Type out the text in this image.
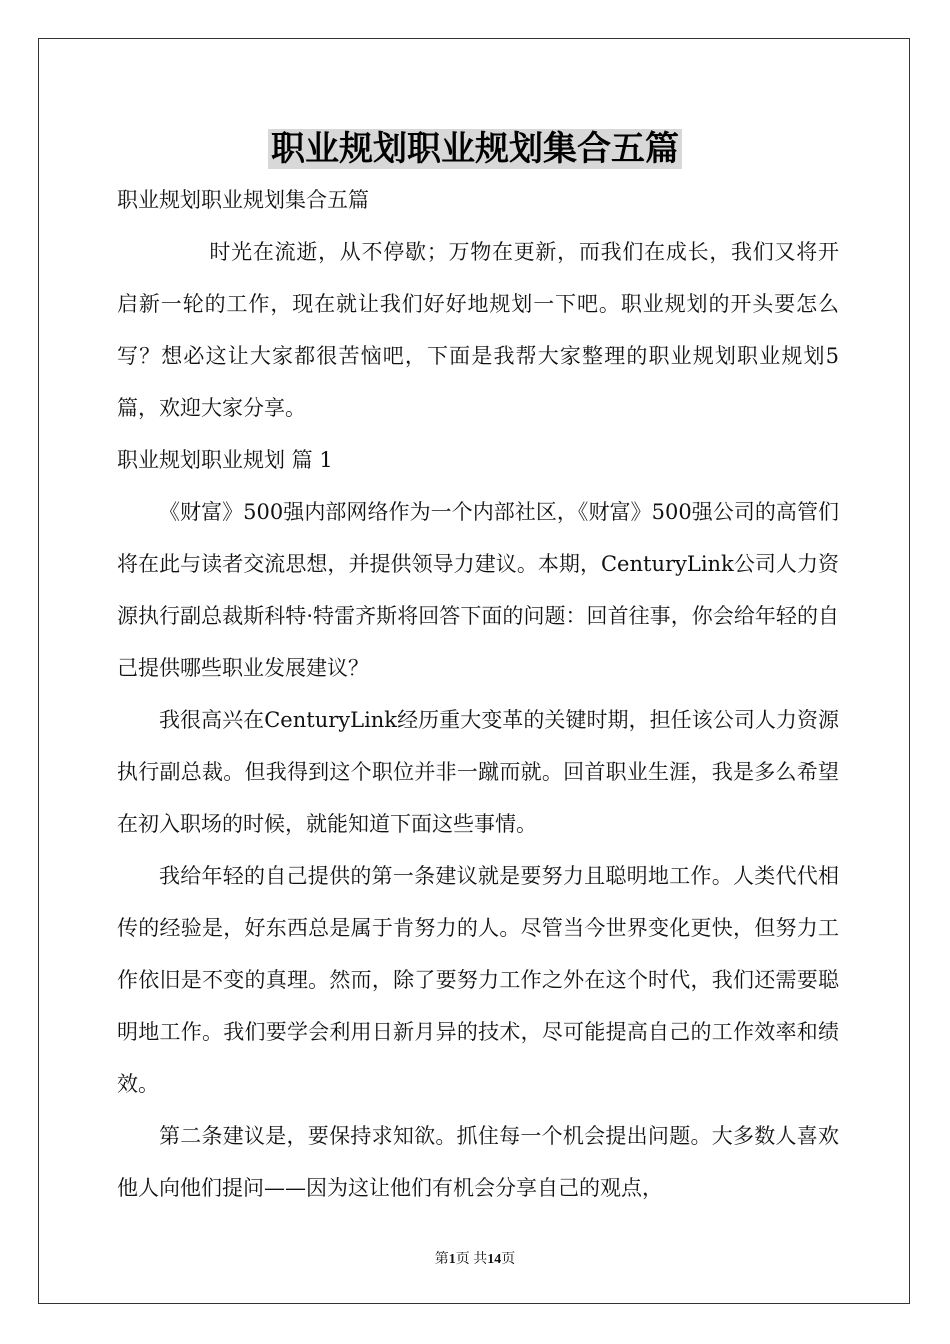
职业规划职业规划集合五篇

职业规划职业规划集合五篇

时光在流逝，从不停歇；万物在更新，而我们在成长，我们又将开启新一轮的工作，现在就让我们好好地规划一下吧。职业规划的开头要怎么写？想必这让大家都很苦恼吧，下面是我帮大家整理的职业规划职业规划5篇，欢迎大家分享。

职业规划职业规划 篇 1

《财富》500强内部网络作为一个内部社区，《财富》500强公司的高管们将在此与读者交流思想，并提供领导力建议。本期，CenturyLink公司人力资源执行副总裁斯科特·特雷齐斯将回答下面的问题：回首往事，你会给年轻的自己提供哪些职业发展建议？

我很高兴在CenturyLink经历重大变革的关键时期，担任该公司人力资源执行副总裁。但我得到这个职位并非一蹴而就。回首职业生涯，我是多么希望在初入职场的时候，就能知道下面这些事情。

我给年轻的自己提供的第一条建议就是要努力且聪明地工作。人类代代相传的经验是，好东西总是属于肯努力的人。尽管当今世界变化更快，但努力工作依旧是不变的真理。然而，除了要努力工作之外在这个时代，我们还需要聪明地工作。我们要学会利用日新月异的技术，尽可能提高自己的工作效率和绩效。

第二条建议是，要保持求知欲。抓住每一个机会提出问题。大多数人喜欢他人向他们提问——因为这让他们有机会分享自己的观点，

第1页 共14页
